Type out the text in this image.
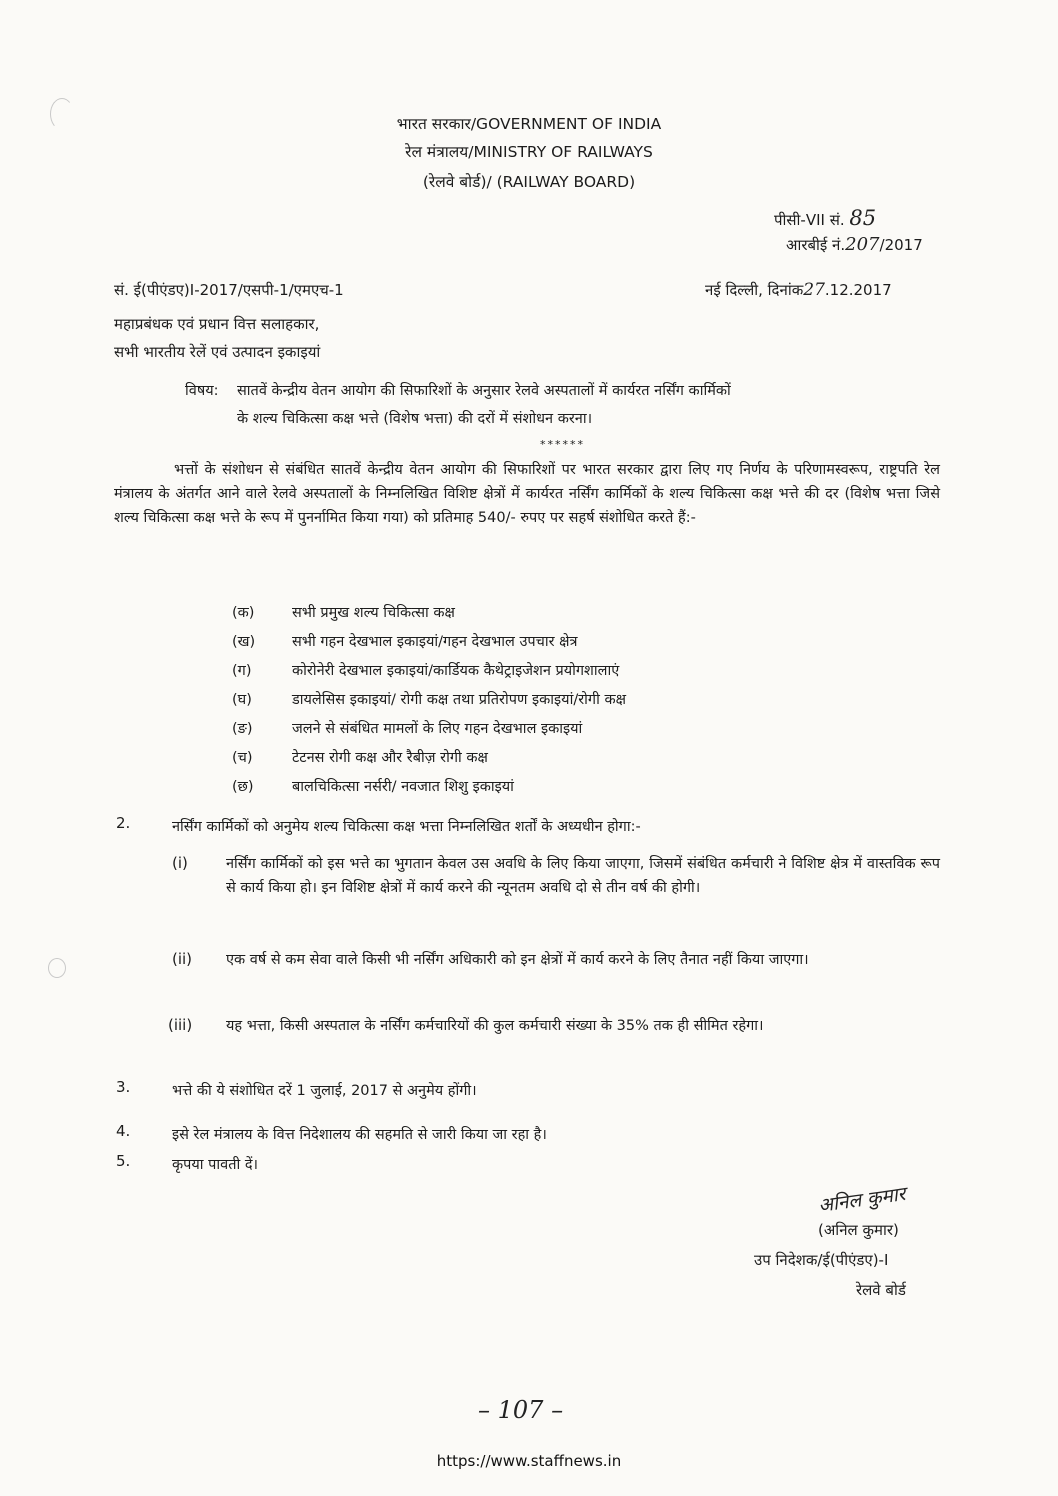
भारत सरकार/GOVERNMENT OF INDIA
रेल मंत्रालय/MINISTRY OF RAILWAYS
(रेलवे बोर्ड)/ (RAILWAY BOARD)
पीसी-VII सं. 85
आरबीई नं.207/2017
सं. ई(पीएंडए)I-2017/एसपी-1/एमएच-1	नई दिल्ली, दिनांक27.12.2017
महाप्रबंधक एवं प्रधान वित्त सलाहकार,
सभी भारतीय रेलें एवं उत्पादन इकाइयां
विषय: सातवें केन्द्रीय वेतन आयोग की सिफारिशों के अनुसार रेलवे अस्पतालों में कार्यरत नर्सिंग कार्मिकों
के शल्य चिकित्सा कक्ष भत्ते (विशेष भत्ता) की दरों में संशोधन करना।
******
भत्तों के संशोधन से संबंधित सातवें केन्द्रीय वेतन आयोग की सिफारिशों पर भारत सरकार द्वारा लिए गए निर्णय के परिणामस्वरूप, राष्ट्रपति रेल मंत्रालय के अंतर्गत आने वाले रेलवे अस्पतालों के निम्नलिखित विशिष्ट क्षेत्रों में कार्यरत नर्सिंग कार्मिकों के शल्य चिकित्सा कक्ष भत्ते की दर (विशेष भत्ता जिसे शल्य चिकित्सा कक्ष भत्ते के रूप में पुनर्नामित किया गया) को प्रतिमाह 540/- रुपए पर सहर्ष संशोधित करते हैं:-
(क)	सभी प्रमुख शल्य चिकित्सा कक्ष
(ख)	सभी गहन देखभाल इकाइयां/गहन देखभाल उपचार क्षेत्र
(ग)	कोरोनेरी देखभाल इकाइयां/कार्डियक कैथेट्राइजेशन प्रयोगशालाएं
(घ)	डायलेसिस इकाइयां/ रोगी कक्ष तथा प्रतिरोपण इकाइयां/रोगी कक्ष
(ङ)	जलने से संबंधित मामलों के लिए गहन देखभाल इकाइयां
(च)	टेटनस रोगी कक्ष और रैबीज़ रोगी कक्ष
(छ)	बालचिकित्सा नर्सरी/ नवजात शिशु इकाइयां
2.	नर्सिंग कार्मिकों को अनुमेय शल्य चिकित्सा कक्ष भत्ता निम्नलिखित शर्तों के अध्यधीन होगा:-
(i)	नर्सिंग कार्मिकों को इस भत्ते का भुगतान केवल उस अवधि के लिए किया जाएगा, जिसमें संबंधित कर्मचारी ने विशिष्ट क्षेत्र में वास्तविक रूप से कार्य किया हो। इन विशिष्ट क्षेत्रों में कार्य करने की न्यूनतम अवधि दो से तीन वर्ष की होगी।
(ii) एक वर्ष से कम सेवा वाले किसी भी नर्सिंग अधिकारी को इन क्षेत्रों में कार्य करने के लिए तैनात नहीं किया जाएगा।
(iii) यह भत्ता, किसी अस्पताल के नर्सिंग कर्मचारियों की कुल कर्मचारी संख्या के 35% तक ही सीमित रहेगा।
3.	भत्ते की ये संशोधित दरें 1 जुलाई, 2017 से अनुमेय होंगी।
4.	इसे रेल मंत्रालय के वित्त निदेशालय की सहमति से जारी किया जा रहा है।
5.	कृपया पावती दें।
अनिल कुमार
(अनिल कुमार)
उप निदेशक/ई(पीएंडए)-I
रेलवे बोर्ड
– 107 –
https://www.staffnews.in
